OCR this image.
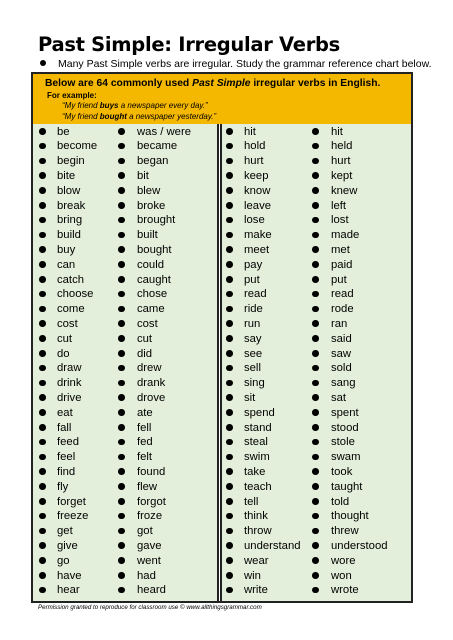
Past Simple: Irregular Verbs
Many Past Simple verbs are irregular. Study the grammar reference chart below.
Below are 64 commonly used Past Simple irregular verbs in English.
For example:
“My friend buys a newspaper every day.”
“My friend bought a newspaper yesterday.”
be	was / were	hit	hit
become	became	hold	held
begin	began	hurt	hurt
bite	bit	keep	kept
blow	blew	know	knew
break	broke	leave	left
bring	brought	lose	lost
build	built	make	made
buy	bought	meet	met
can	could	pay	paid
catch	caught	put	put
choose	chose	read	read
come	came	ride	rode
cost	cost	run	ran
cut	cut	say	said
do	did	see	saw
draw	drew	sell	sold
drink	drank	sing	sang
drive	drove	sit	sat
eat	ate	spend	spent
fall	fell	stand	stood
feed	fed	steal	stole
feel	felt	swim	swam
find	found	take	took
fly	flew	teach	taught
forget	forgot	tell	told
freeze	froze	think	thought
get	got	throw	threw
give	gave	understand	understood
go	went	wear	wore
have	had	win	won
hear	heard	write	wrote
Permission granted to reproduce for classroom use © www.allthingsgrammar.com
